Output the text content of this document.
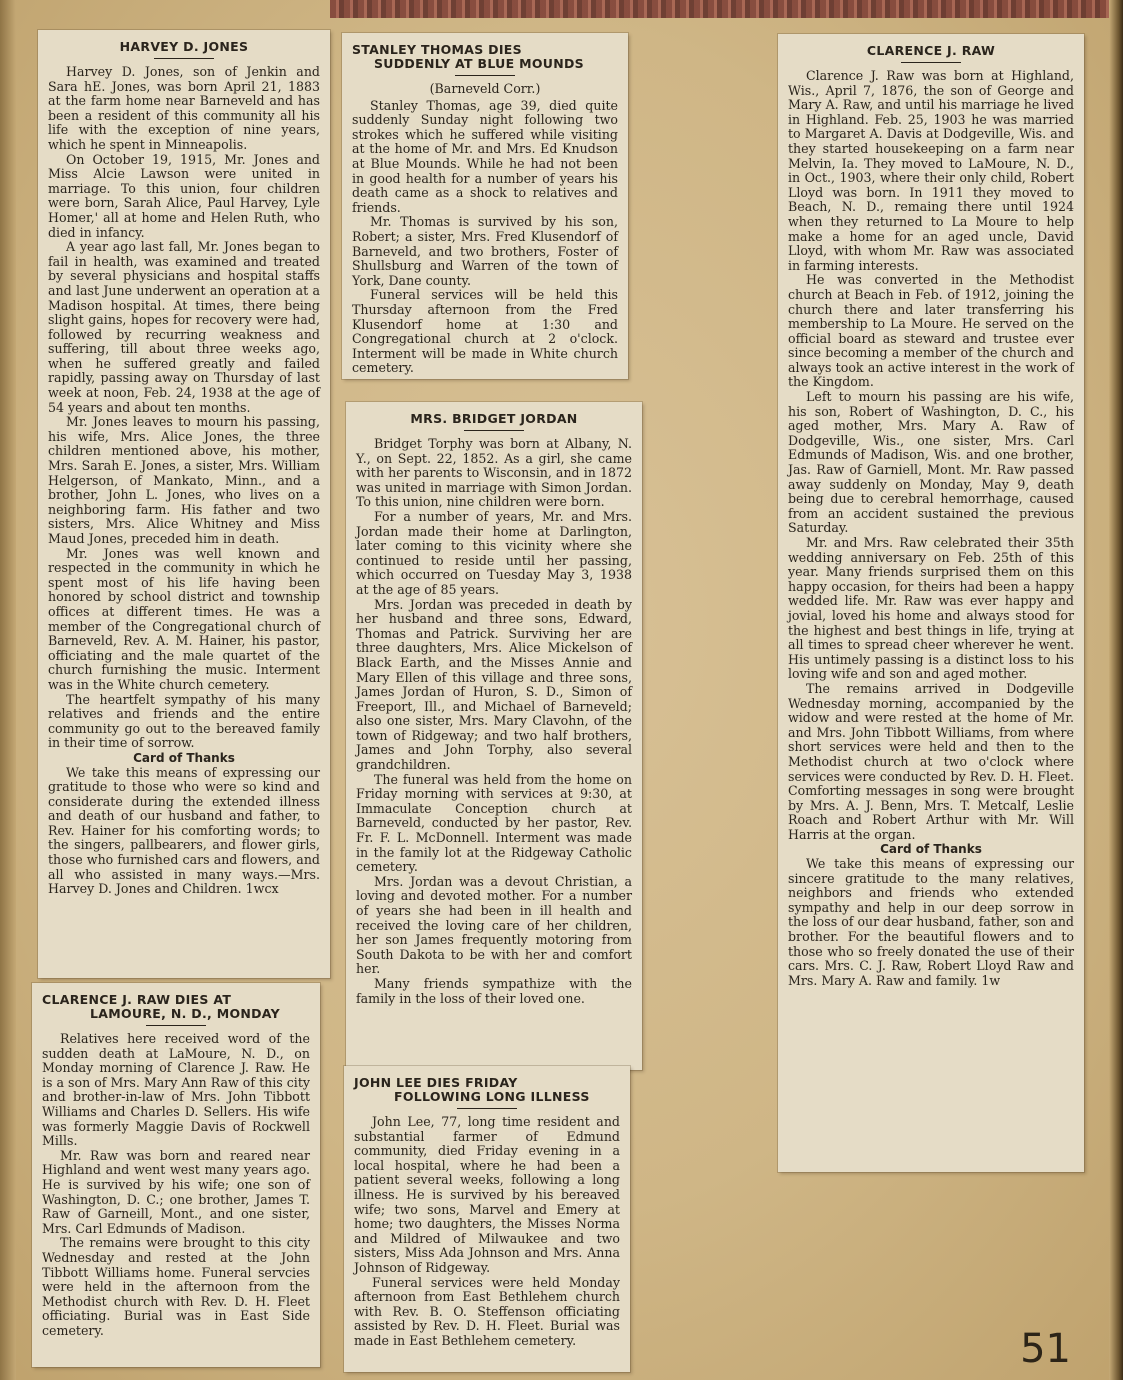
HARVEY D. JONES

Harvey D. Jones, son of Jenkin and Sara hE. Jones, was born April 21, 1883 at the farm home near Barneveld and has been a resident of this community all his life with the exception of nine years, which he spent in Minneapolis.

On October 19, 1915, Mr. Jones and Miss Alcie Lawson were united in marriage. To this union, four children were born, Sarah Alice, Paul Harvey, Lyle Homer,' all at home and Helen Ruth, who died in infancy.

A year ago last fall, Mr. Jones began to fail in health, was examined and treated by several physicians and hospital staffs and last June underwent an operation at a Madison hospital. At times, there being slight gains, hopes for recovery were had, followed by recurring weakness and suffering, till about three weeks ago, when he suffered greatly and failed rapidly, passing away on Thursday of last week at noon, Feb. 24, 1938 at the age of 54 years and about ten months.

Mr. Jones leaves to mourn his passing, his wife, Mrs. Alice Jones, the three children mentioned above, his mother, Mrs. Sarah E. Jones, a sister, Mrs. William Helgerson, of Mankato, Minn., and a brother, John L. Jones, who lives on a neighboring farm. His father and two sisters, Mrs. Alice Whitney and Miss Maud Jones, preceded him in death.

Mr. Jones was well known and respected in the community in which he spent most of his life having been honored by school district and township offices at different times. He was a member of the Congregational church of Barneveld, Rev. A. M. Hainer, his pastor, officiating and the male quartet of the church furnishing the music. Interment was in the White church cemetery.

The heartfelt sympathy of his many relatives and friends and the entire community go out to the bereaved family in their time of sorrow.

Card of Thanks

We take this means of expressing our gratitude to those who were so kind and considerate during the extended illness and death of our husband and father, to Rev. Hainer for his comforting words; to the singers, pallbearers, and flower girls, those who furnished cars and flowers, and all who assisted in many ways.—Mrs. Harvey D. Jones and Children. 1wcx

CLARENCE J. RAW DIES AT
LAMOURE, N. D., MONDAY

Relatives here received word of the sudden death at LaMoure, N. D., on Monday morning of Clarence J. Raw. He is a son of Mrs. Mary Ann Raw of this city and brother-in-law of Mrs. John Tibbott Williams and Charles D. Sellers. His wife was formerly Maggie Davis of Rockwell Mills.

Mr. Raw was born and reared near Highland and went west many years ago. He is survived by his wife; one son of Washington, D. C.; one brother, James T. Raw of Garneill, Mont., and one sister, Mrs. Carl Edmunds of Madison.

The remains were brought to this city Wednesday and rested at the John Tibbott Williams home. Funeral servcies were held in the afternoon from the Methodist church with Rev. D. H. Fleet officiating. Burial was in East Side cemetery.

STANLEY THOMAS DIES
SUDDENLY AT BLUE MOUNDS

(Barneveld Corr.)

Stanley Thomas, age 39, died quite suddenly Sunday night following two strokes which he suffered while visiting at the home of Mr. and Mrs. Ed Knudson at Blue Mounds. While he had not been in good health for a number of years his death came as a shock to relatives and friends.

Mr. Thomas is survived by his son, Robert; a sister, Mrs. Fred Klusendorf of Barneveld, and two brothers, Foster of Shullsburg and Warren of the town of York, Dane county.

Funeral services will be held this Thursday afternoon from the Fred Klusendorf home at 1:30 and Congregational church at 2 o'clock. Interment will be made in White church cemetery.

MRS. BRIDGET JORDAN

Bridget Torphy was born at Albany, N. Y., on Sept. 22, 1852. As a girl, she came with her parents to Wisconsin, and in 1872 was united in marriage with Simon Jordan. To this union, nine children were born.

For a number of years, Mr. and Mrs. Jordan made their home at Darlington, later coming to this vicinity where she continued to reside until her passing, which occurred on Tuesday May 3, 1938 at the age of 85 years.

Mrs. Jordan was preceded in death by her husband and three sons, Edward, Thomas and Patrick. Surviving her are three daughters, Mrs. Alice Mickelson of Black Earth, and the Misses Annie and Mary Ellen of this village and three sons, James Jordan of Huron, S. D., Simon of Freeport, Ill., and Michael of Barneveld; also one sister, Mrs. Mary Clavohn, of the town of Ridgeway; and two half brothers, James and John Torphy, also several grandchildren.

The funeral was held from the home on Friday morning with services at 9:30, at Immaculate Conception church at Barneveld, conducted by her pastor, Rev. Fr. F. L. McDonnell. Interment was made in the family lot at the Ridgeway Catholic cemetery.

Mrs. Jordan was a devout Christian, a loving and devoted mother. For a number of years she had been in ill health and received the loving care of her children, her son James frequently motoring from South Dakota to be with her and comfort her.

Many friends sympathize with the family in the loss of their loved one.

JOHN LEE DIES FRIDAY
FOLLOWING LONG ILLNESS

John Lee, 77, long time resident and substantial farmer of Edmund community, died Friday evening in a local hospital, where he had been a patient several weeks, following a long illness. He is survived by his bereaved wife; two sons, Marvel and Emery at home; two daughters, the Misses Norma and Mildred of Milwaukee and two sisters, Miss Ada Johnson and Mrs. Anna Johnson of Ridgeway.

Funeral services were held Monday afternoon from East Bethlehem church with Rev. B. O. Steffenson officiating assisted by Rev. D. H. Fleet. Burial was made in East Bethlehem cemetery.

CLARENCE J. RAW

Clarence J. Raw was born at Highland, Wis., April 7, 1876, the son of George and Mary A. Raw, and until his marriage he lived in Highland. Feb. 25, 1903 he was married to Margaret A. Davis at Dodgeville, Wis. and they started housekeeping on a farm near Melvin, Ia. They moved to LaMoure, N. D., in Oct., 1903, where their only child, Robert Lloyd was born. In 1911 they moved to Beach, N. D., remaing there until 1924 when they returned to La Moure to help make a home for an aged uncle, David Lloyd, with whom Mr. Raw was associated in farming interests.

He was converted in the Methodist church at Beach in Feb. of 1912, joining the church there and later transferring his membership to La Moure. He served on the official board as steward and trustee ever since becoming a member of the church and always took an active interest in the work of the Kingdom.

Left to mourn his passing are his wife, his son, Robert of Washington, D. C., his aged mother, Mrs. Mary A. Raw of Dodgeville, Wis., one sister, Mrs. Carl Edmunds of Madison, Wis. and one brother, Jas. Raw of Garniell, Mont. Mr. Raw passed away suddenly on Monday, May 9, death being due to cerebral hemorrhage, caused from an accident sustained the previous Saturday.

Mr. and Mrs. Raw celebrated their 35th wedding anniversary on Feb. 25th of this year. Many friends surprised them on this happy occasion, for theirs had been a happy wedded life. Mr. Raw was ever happy and jovial, loved his home and always stood for the highest and best things in life, trying at all times to spread cheer wherever he went. His untimely passing is a distinct loss to his loving wife and son and aged mother.

The remains arrived in Dodgeville Wednesday morning, accompanied by the widow and were rested at the home of Mr. and Mrs. John Tibbott Williams, from where short services were held and then to the Methodist church at two o'clock where services were conducted by Rev. D. H. Fleet. Comforting messages in song were brought by Mrs. A. J. Benn, Mrs. T. Metcalf, Leslie Roach and Robert Arthur with Mr. Will Harris at the organ.

Card of Thanks

We take this means of expressing our sincere gratitude to the many relatives, neighbors and friends who extended sympathy and help in our deep sorrow in the loss of our dear husband, father, son and brother. For the beautiful flowers and to those who so freely donated the use of their cars. Mrs. C. J. Raw, Robert Lloyd Raw and Mrs. Mary A. Raw and family. 1w

51
